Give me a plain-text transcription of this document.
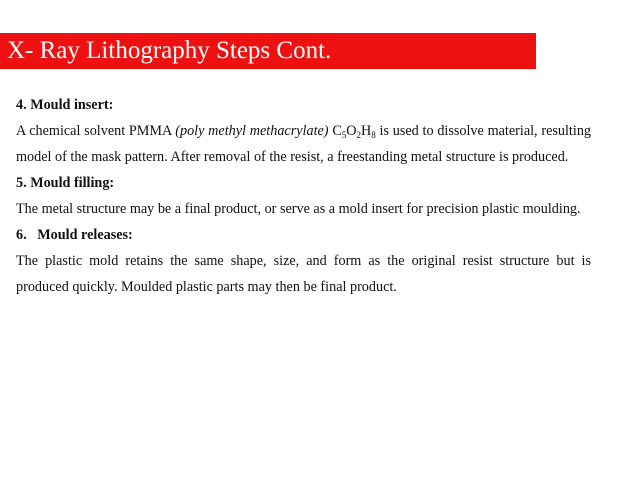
X- Ray Lithography Steps Cont.

4. Mould insert:

A chemical solvent PMMA (poly methyl methacrylate) $C_5O_2H_8$ is used to dissolve material, resulting model of the mask pattern. After removal of the resist, a freestanding metal structure is produced.

5. Mould filling:

The metal structure may be a final product, or serve as a mold insert for precision plastic moulding.

6. Mould releases:

The plastic mold retains the same shape, size, and form as the original resist structure but is produced quickly. Moulded plastic parts may then be final product.
